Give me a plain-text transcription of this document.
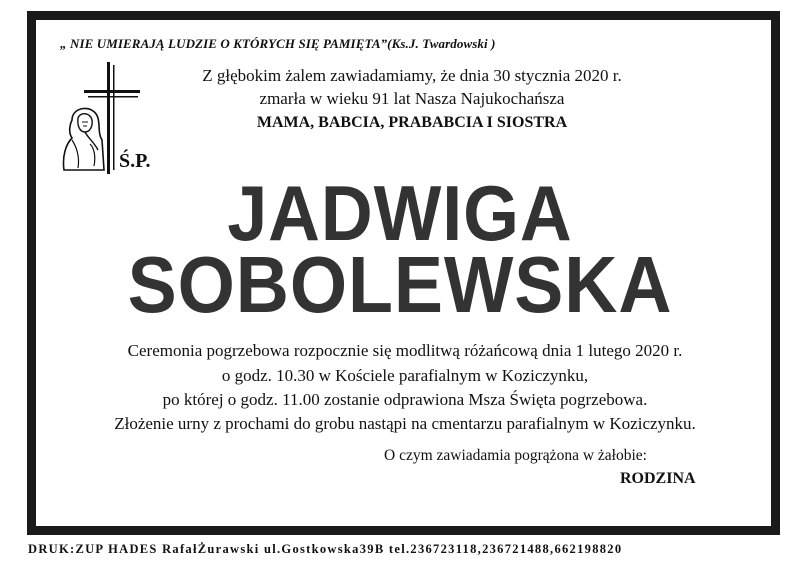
„ NIE UMIERAJĄ LUDZIE O KTÓRYCH SIĘ PAMIĘTA”(Ks.J. Twardowski )
Z głębokim żalem zawiadamiamy, że dnia 30 stycznia 2020 r.
zmarła w wieku 91 lat Nasza Najukochańsza
MAMA, BABCIA, PRABABCIA I SIOSTRA
Ś.P.
JADWIGA
SOBOLEWSKA
Ceremonia pogrzebowa rozpocznie się modlitwą różańcową dnia 1 lutego 2020 r.
o godz. 10.30 w Kościele parafialnym w Koziczynku,
po której o godz. 11.00 zostanie odprawiona Msza Święta pogrzebowa.
Złożenie urny z prochami do grobu nastąpi na cmentarzu parafialnym w Koziczynku.
O czym zawiadamia pogrążona w żałobie:
RODZINA
DRUK:ZUP HADES RafałŻurawski ul.Gostkowska39B tel.236723118,236721488,662198820
